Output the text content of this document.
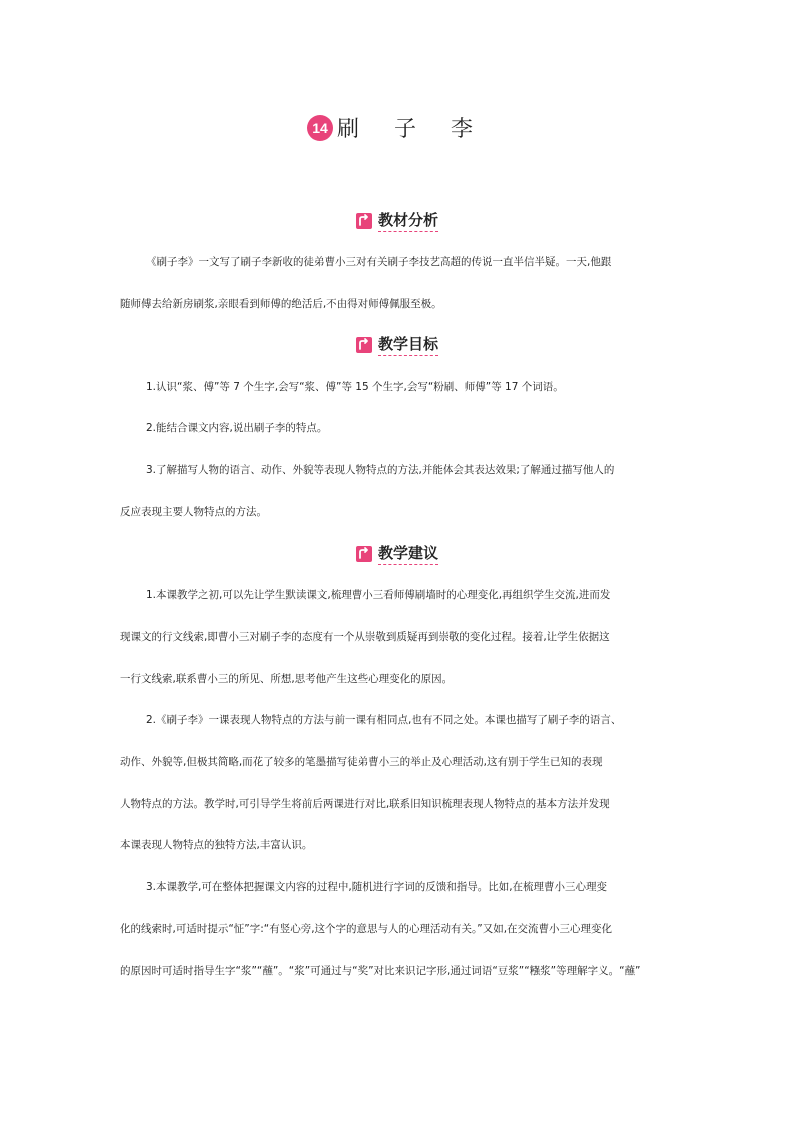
14 刷 子 李
教材分析
《刷子李》一文写了刷子李新收的徒弟曹小三对有关刷子李技艺高超的传说一直半信半疑。一天,他跟
随师傅去给新房刷浆,亲眼看到师傅的绝活后,不由得对师傅佩服至极。
教学目标
1.认识“浆、傅”等 7 个生字,会写“浆、傅”等 15 个生字,会写“粉刷、师傅”等 17 个词语。
2.能结合课文内容,说出刷子李的特点。
3.了解描写人物的语言、动作、外貌等表现人物特点的方法,并能体会其表达效果;了解通过描写他人的
反应表现主要人物特点的方法。
教学建议
1.本课教学之初,可以先让学生默读课文,梳理曹小三看师傅刷墙时的心理变化,再组织学生交流,进而发
现课文的行文线索,即曹小三对刷子李的态度有一个从崇敬到质疑再到崇敬的变化过程。接着,让学生依据这
一行文线索,联系曹小三的所见、所想,思考他产生这些心理变化的原因。
2.《刷子李》一课表现人物特点的方法与前一课有相同点,也有不同之处。本课也描写了刷子李的语言、
动作、外貌等,但极其简略,而花了较多的笔墨描写徒弟曹小三的举止及心理活动,这有别于学生已知的表现
人物特点的方法。教学时,可引导学生将前后两课进行对比,联系旧知识梳理表现人物特点的基本方法并发现
本课表现人物特点的独特方法,丰富认识。
3.本课教学,可在整体把握课文内容的过程中,随机进行字词的反馈和指导。比如,在梳理曹小三心理变
化的线索时,可适时提示“怔”字:“有竖心旁,这个字的意思与人的心理活动有关。”又如,在交流曹小三心理变化
的原因时可适时指导生字“浆”“蘸”。“浆”可通过与“奖”对比来识记字形,通过词语“豆浆”“糨浆”等理解字义。“蘸”
